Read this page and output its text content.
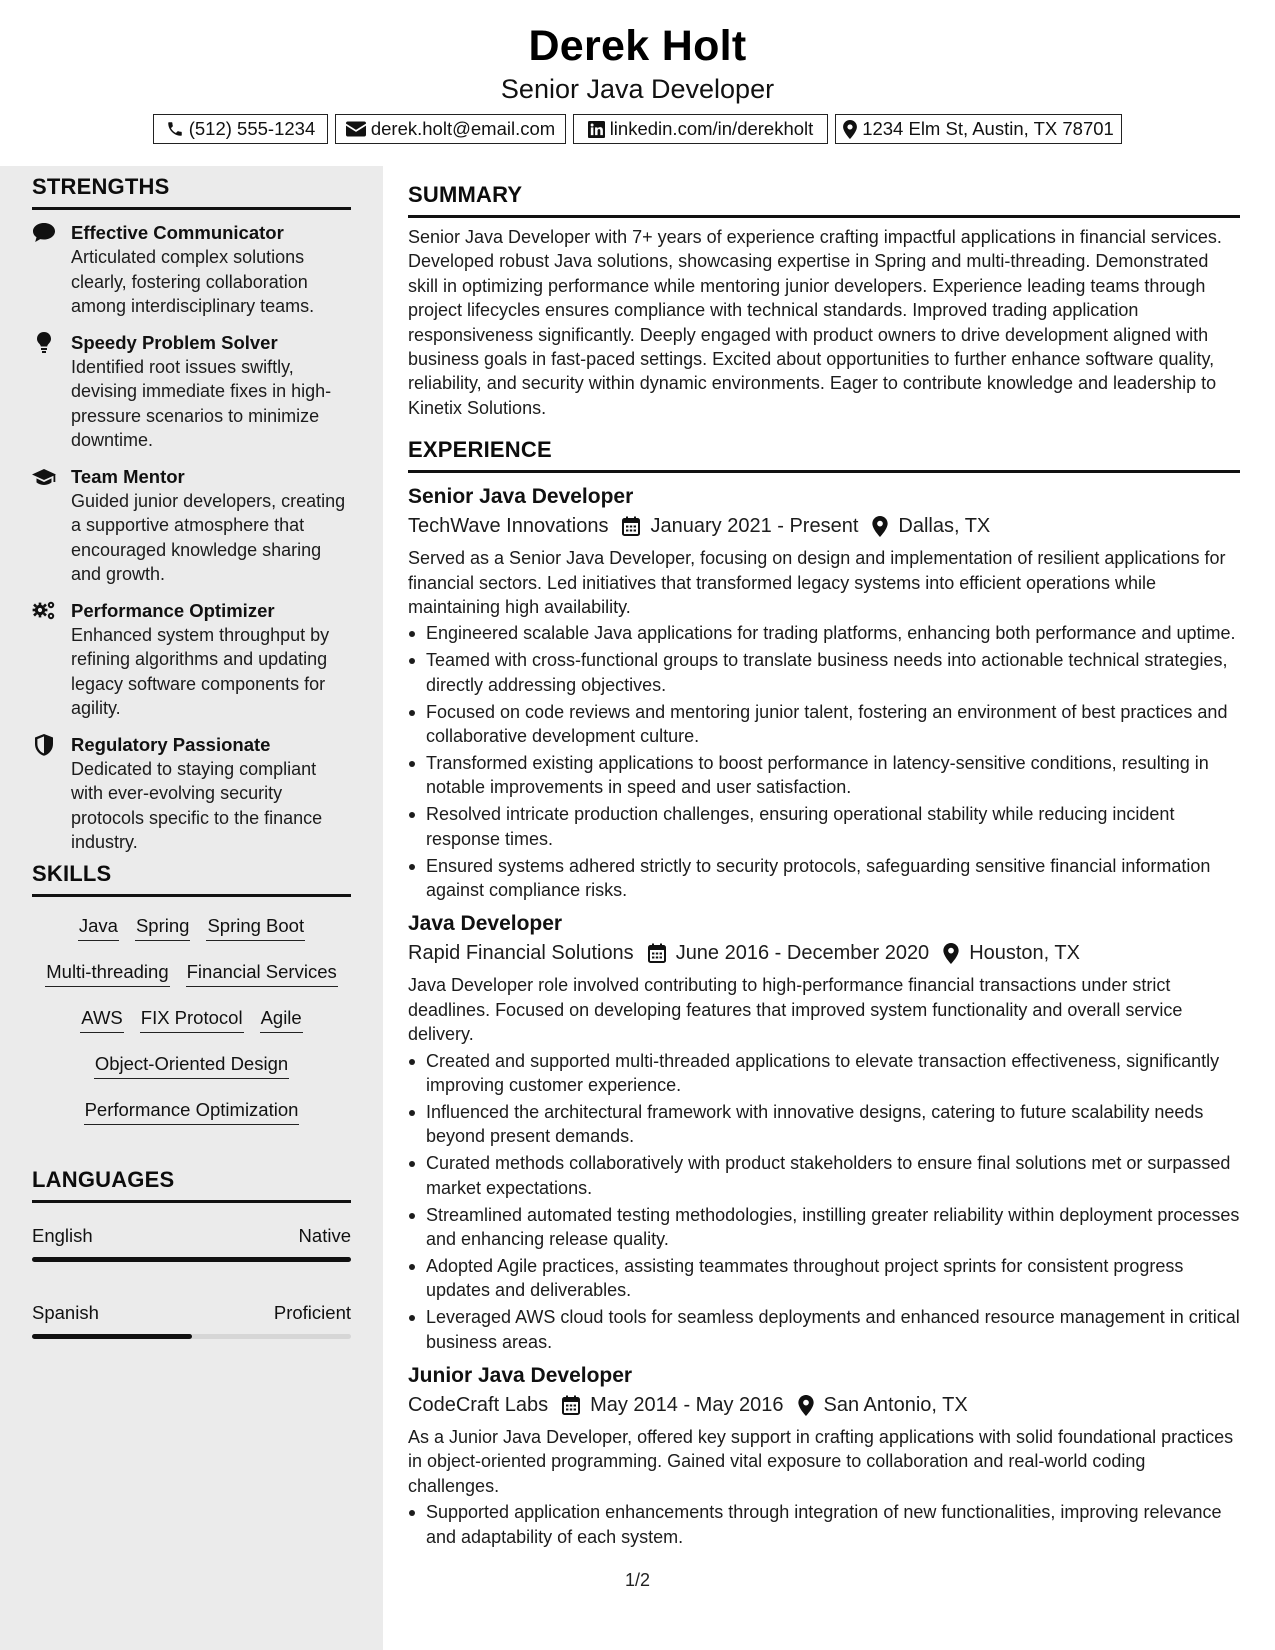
Derek Holt
Senior Java Developer
(512) 555-1234	derek.holt@email.com	linkedin.com/in/derekholt	1234 Elm St, Austin, TX 78701
STRENGTHS
Effective Communicator
Articulated complex solutions clearly, fostering collaboration among interdisciplinary teams.
Speedy Problem Solver
Identified root issues swiftly, devising immediate fixes in high-pressure scenarios to minimize downtime.
Team Mentor
Guided junior developers, creating a supportive atmosphere that encouraged knowledge sharing and growth.
Performance Optimizer
Enhanced system throughput by refining algorithms and updating legacy software components for agility.
Regulatory Passionate
Dedicated to staying compliant with ever-evolving security protocols specific to the finance industry.
SKILLS
Java Spring Spring Boot
Multi-threading Financial Services
AWS FIX Protocol Agile
Object-Oriented Design
Performance Optimization
LANGUAGES
English	Native
Spanish	Proficient
SUMMARY
Senior Java Developer with 7+ years of experience crafting impactful applications in financial services. Developed robust Java solutions, showcasing expertise in Spring and multi-threading. Demonstrated skill in optimizing performance while mentoring junior developers. Experience leading teams through project lifecycles ensures compliance with technical standards. Improved trading application responsiveness significantly. Deeply engaged with product owners to drive development aligned with business goals in fast-paced settings. Excited about opportunities to further enhance software quality, reliability, and security within dynamic environments. Eager to contribute knowledge and leadership to Kinetix Solutions.
EXPERIENCE
Senior Java Developer
TechWave Innovations January 2021 - Present Dallas, TX
Served as a Senior Java Developer, focusing on design and implementation of resilient applications for financial sectors. Led initiatives that transformed legacy systems into efficient operations while maintaining high availability.
Engineered scalable Java applications for trading platforms, enhancing both performance and uptime.
Teamed with cross-functional groups to translate business needs into actionable technical strategies, directly addressing objectives.
Focused on code reviews and mentoring junior talent, fostering an environment of best practices and collaborative development culture.
Transformed existing applications to boost performance in latency-sensitive conditions, resulting in notable improvements in speed and user satisfaction.
Resolved intricate production challenges, ensuring operational stability while reducing incident response times.
Ensured systems adhered strictly to security protocols, safeguarding sensitive financial information against compliance risks.
Java Developer
Rapid Financial Solutions June 2016 - December 2020 Houston, TX
Java Developer role involved contributing to high-performance financial transactions under strict deadlines. Focused on developing features that improved system functionality and overall service delivery.
Created and supported multi-threaded applications to elevate transaction effectiveness, significantly improving customer experience.
Influenced the architectural framework with innovative designs, catering to future scalability needs beyond present demands.
Curated methods collaboratively with product stakeholders to ensure final solutions met or surpassed market expectations.
Streamlined automated testing methodologies, instilling greater reliability within deployment processes and enhancing release quality.
Adopted Agile practices, assisting teammates throughout project sprints for consistent progress updates and deliverables.
Leveraged AWS cloud tools for seamless deployments and enhanced resource management in critical business areas.
Junior Java Developer
CodeCraft Labs May 2014 - May 2016 San Antonio, TX
As a Junior Java Developer, offered key support in crafting applications with solid foundational practices in object-oriented programming. Gained vital exposure to collaboration and real-world coding challenges.
Supported application enhancements through integration of new functionalities, improving relevance and adaptability of each system.
1/2
